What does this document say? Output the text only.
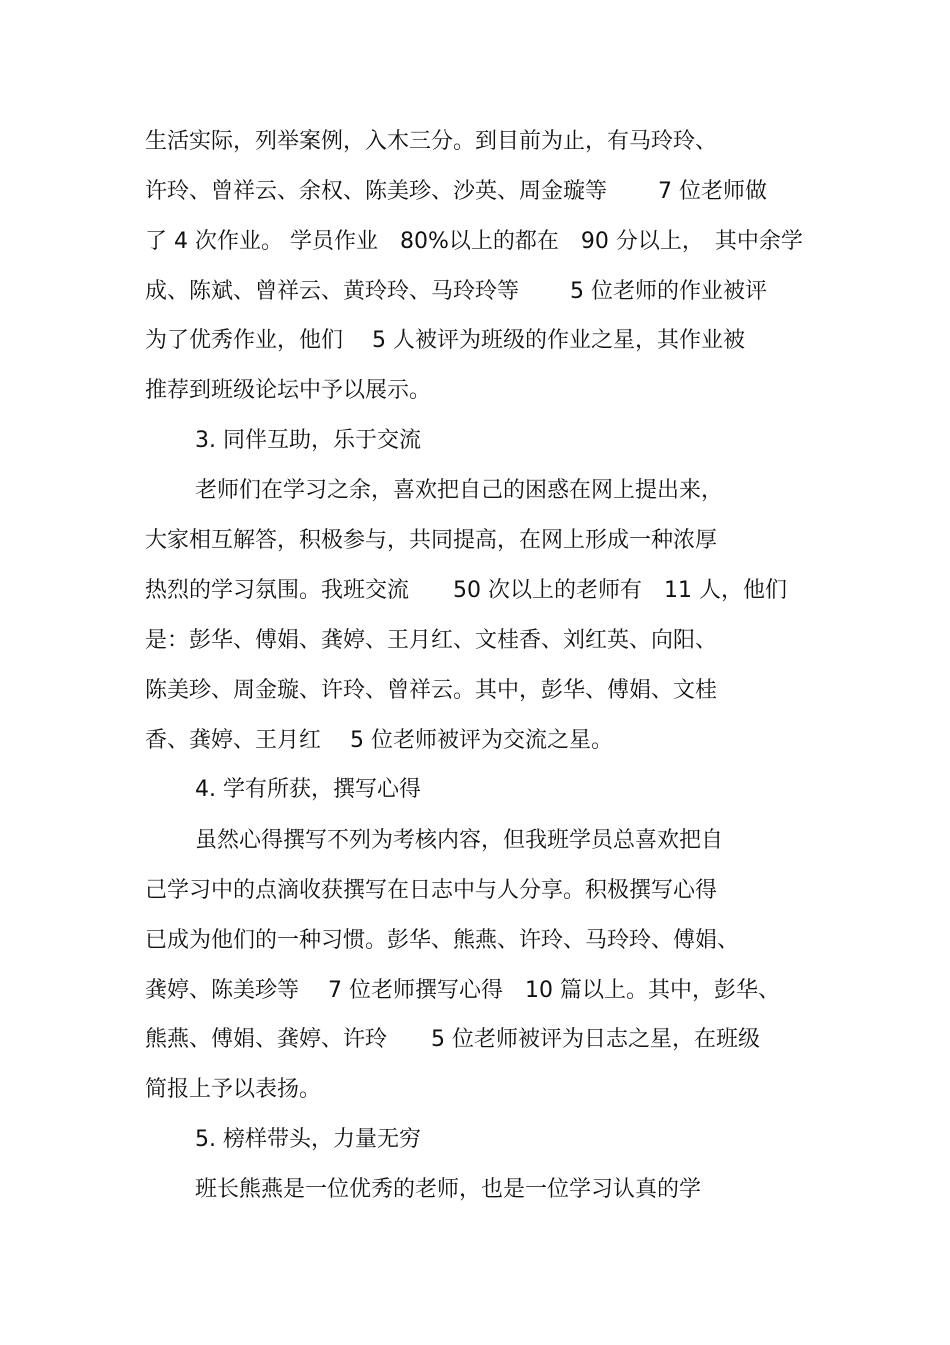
生活实际，列举案例，入木三分。到目前为止，有马玲玲、
许玲、曾祥云、余权、陈美珍、沙英、周金璇等　　 7 位老师做
了 4 次作业。 学员作业　80%以上的都在　90 分以上，　其中余学
成、陈斌、曾祥云、黄玲玲、马玲玲等　　 5 位老师的作业被评
为了优秀作业，他们　 5 人被评为班级的作业之星，其作业被
推荐到班级论坛中予以展示。
3. 同伴互助，乐于交流
老师们在学习之余，喜欢把自己的困惑在网上提出来，
大家相互解答，积极参与，共同提高，在网上形成一种浓厚
热烈的学习氛围。我班交流　　50 次以上的老师有　11 人，他们
是：彭华、傅娟、龚婷、王月红、文桂香、刘红英、向阳、
陈美珍、周金璇、许玲、曾祥云。其中，彭华、傅娟、文桂
香、龚婷、王月红　 5 位老师被评为交流之星。
4. 学有所获，撰写心得
虽然心得撰写不列为考核内容，但我班学员总喜欢把自
己学习中的点滴收获撰写在日志中与人分享。积极撰写心得
已成为他们的一种习惯。彭华、熊燕、许玲、马玲玲、傅娟、
龚婷、陈美珍等　 7 位老师撰写心得　10 篇以上。其中，彭华、
熊燕、傅娟、龚婷、许玲　　5 位老师被评为日志之星，在班级
简报上予以表扬。
5. 榜样带头，力量无穷
班长熊燕是一位优秀的老师，也是一位学习认真的学
